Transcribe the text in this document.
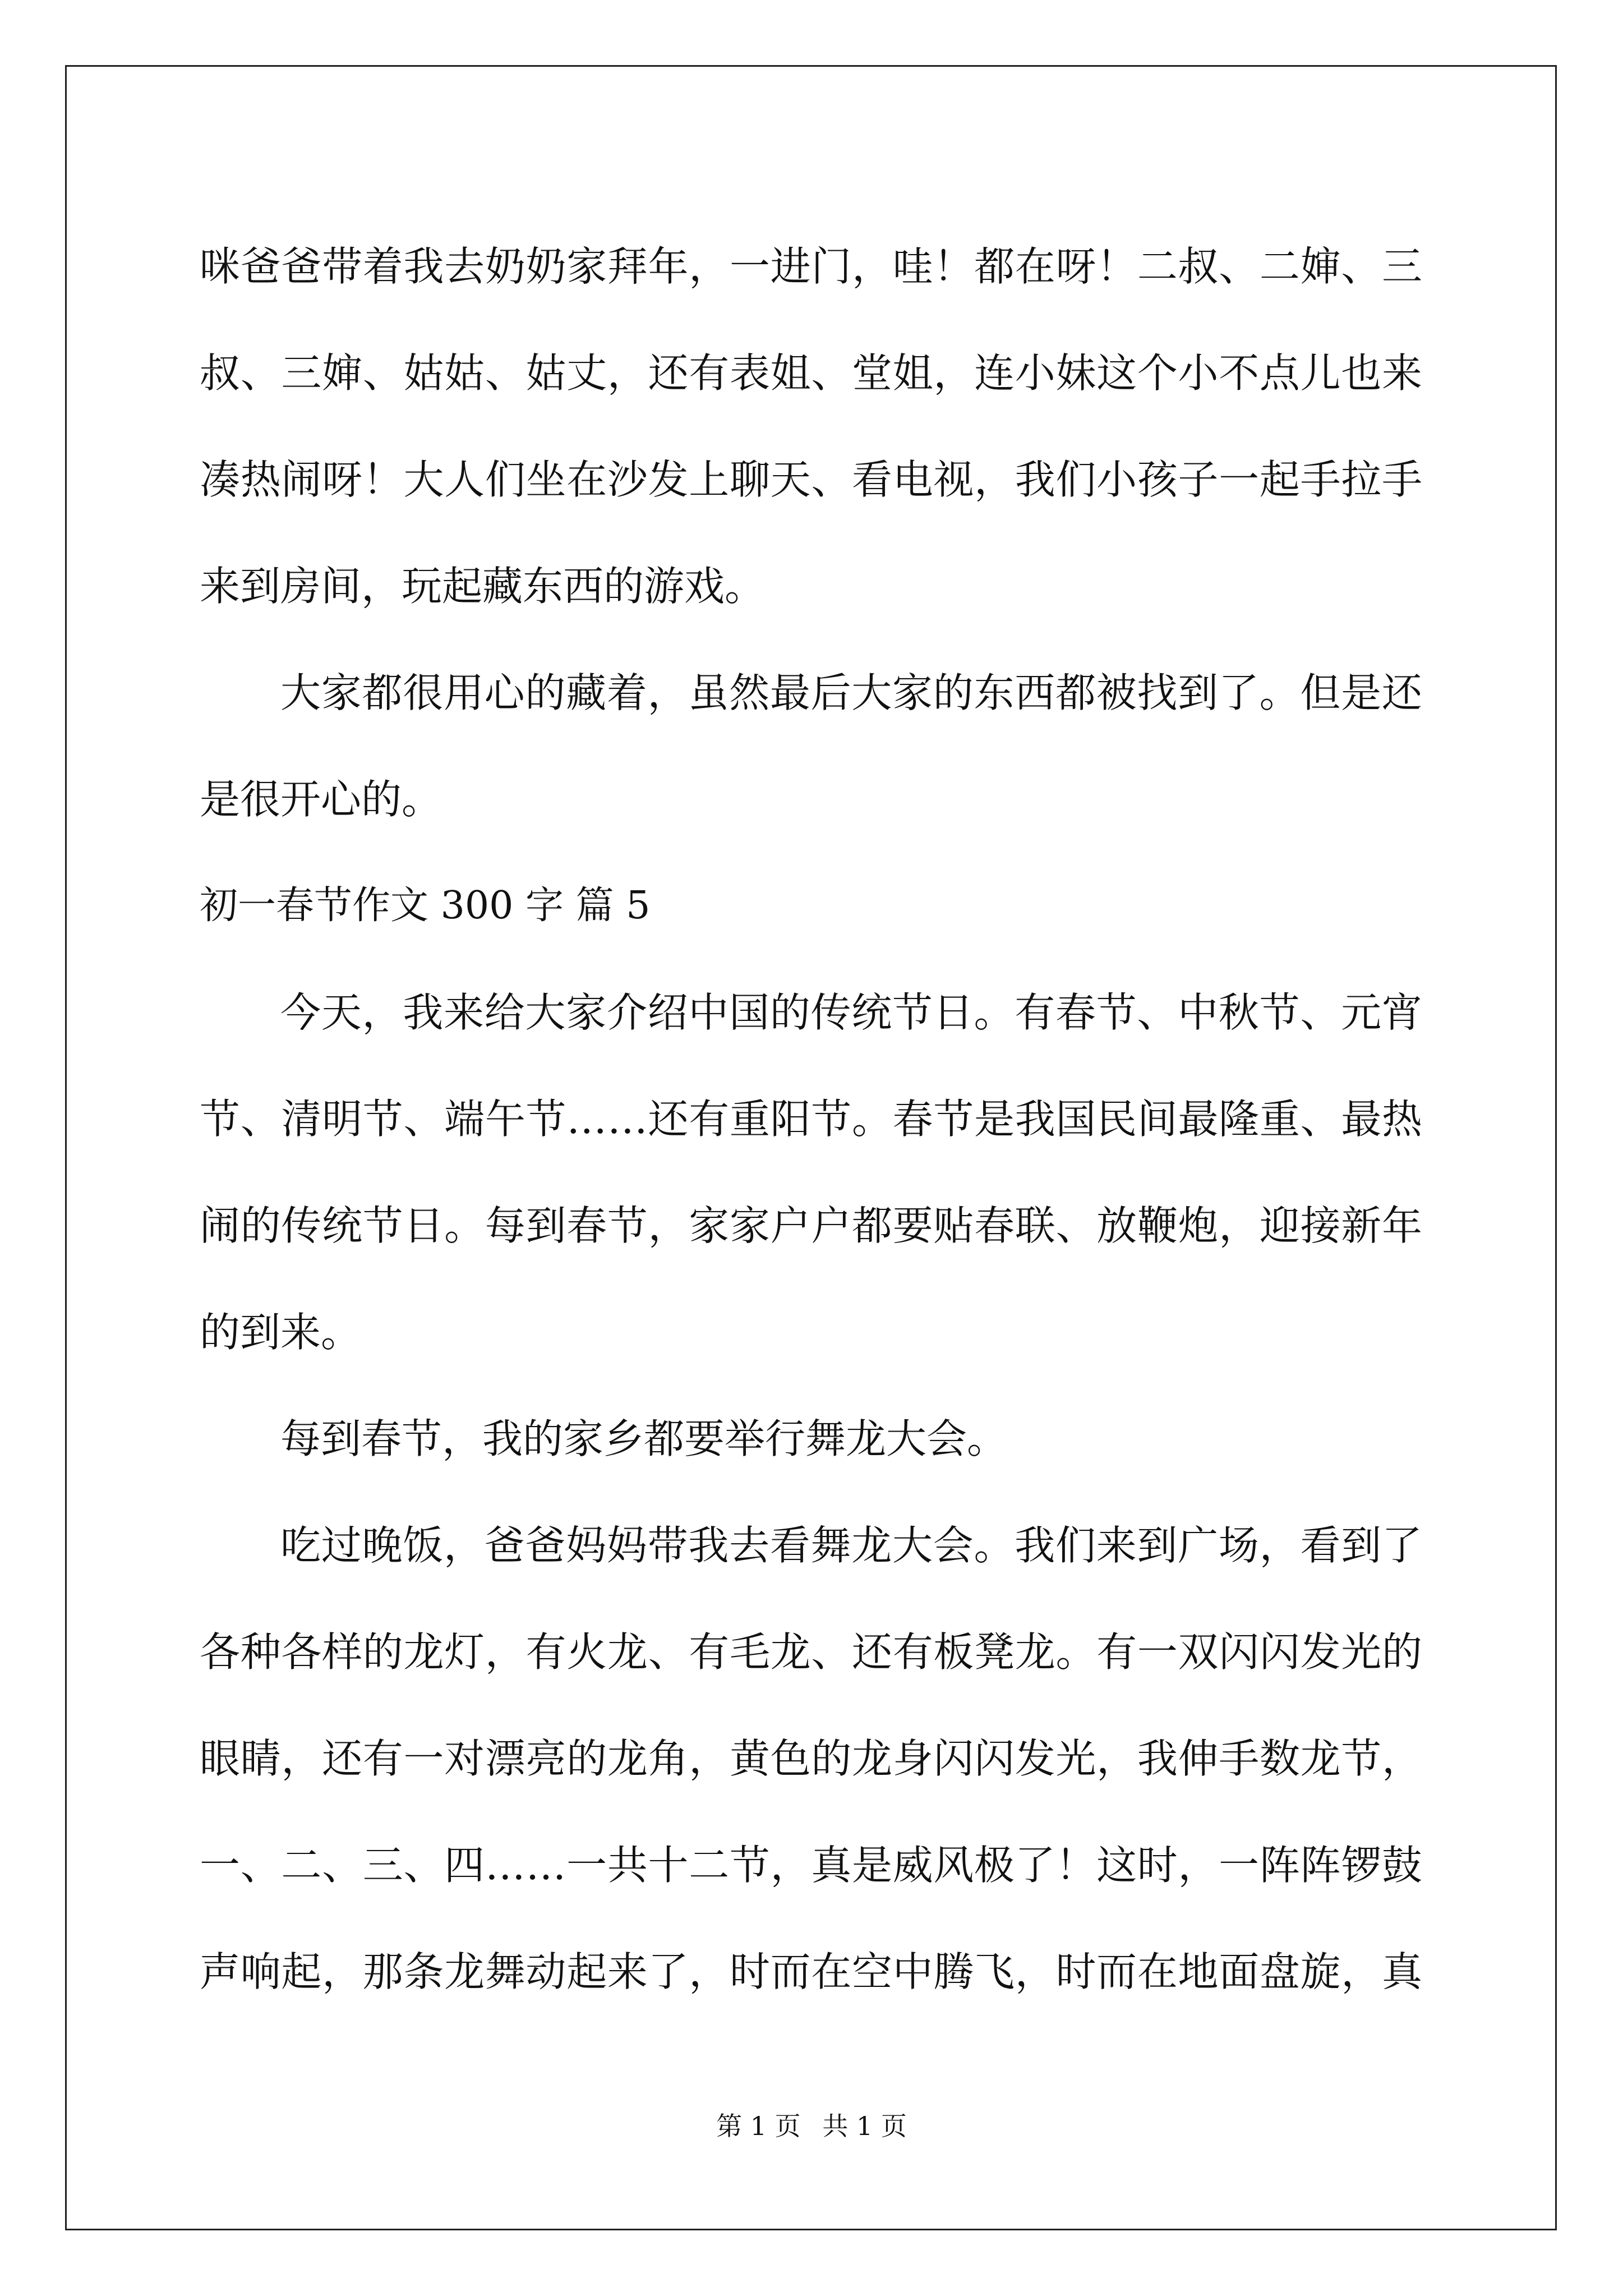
咪 爸 爸 带 着 我 去 奶 奶 家 拜 年 ， 一 进 门 ， 哇 ！ 都 在 呀 ！ 二 叔 、 二 婶 、 三
叔 、 三 婶 、 姑 姑 、 姑 丈 ， 还 有 表 姐 、 堂 姐 ， 连 小 妹 这 个 小 不 点 儿 也 来
凑 热 闹 呀 ！ 大 人 们 坐 在 沙 发 上 聊 天 、 看 电 视 ， 我 们 小 孩 子 一 起 手 拉 手
来到房间，玩起藏东西的游戏。
大 家 都 很 用 心 的 藏 着 ， 虽 然 最 后 大 家 的 东 西 都 被 找 到 了 。 但 是 还
是很开心的。
初一春节作文 300 字 篇 5
今 天 ， 我 来 给 大 家 介 绍 中 国 的 传 统 节 日 。 有 春 节 、 中 秋 节 、 元 宵
节 、 清 明 节 、 端 午 节 … … 还 有 重 阳 节 。 春 节 是 我 国 民 间 最 隆 重 、 最 热
闹 的 传 统 节 日 。 每 到 春 节 ， 家 家 户 户 都 要 贴 春 联 、 放 鞭 炮 ， 迎 接 新 年
的到来。
每到春节，我的家乡都要举行舞龙大会。
吃 过 晚 饭 ， 爸 爸 妈 妈 带 我 去 看 舞 龙 大 会 。 我 们 来 到 广 场 ， 看 到 了
各 种 各 样 的 龙 灯 ， 有 火 龙 、 有 毛 龙 、 还 有 板 凳 龙 。 有 一 双 闪 闪 发 光 的
眼 睛 ， 还 有 一 对 漂 亮 的 龙 角 ， 黄 色 的 龙 身 闪 闪 发 光 ， 我 伸 手 数 龙 节 ，
一 、 二 、 三 、 四 … … 一 共 十 二 节 ， 真 是 威 风 极 了 ！ 这 时 ， 一 阵 阵 锣 鼓
声 响 起 ， 那 条 龙 舞 动 起 来 了 ， 时 而 在 空 中 腾 飞 ， 时 而 在 地 面 盘 旋 ， 真
第 1 页 共 1 页
